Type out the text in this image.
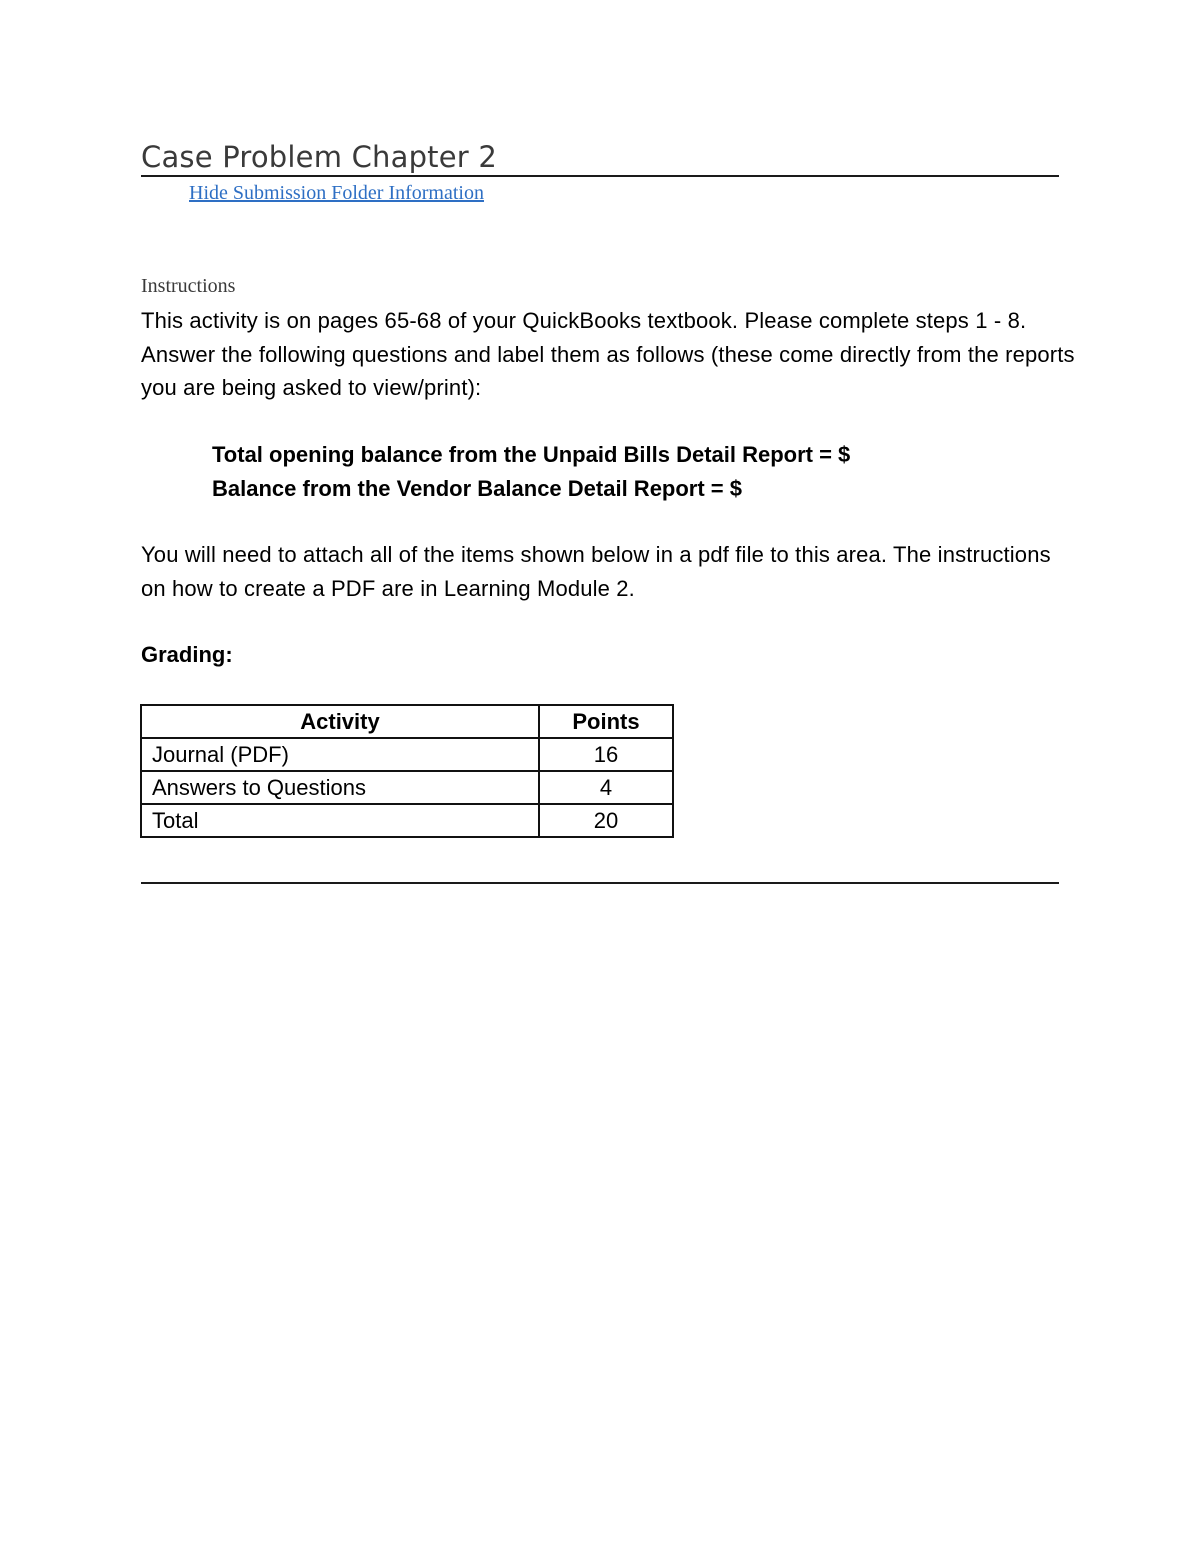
Case Problem Chapter 2
Hide Submission Folder Information
Instructions
This activity is on pages 65-68 of your QuickBooks textbook. Please complete steps 1 - 8.
Answer the following questions and label them as follows (these come directly from the reports
you are being asked to view/print):
Total opening balance from the Unpaid Bills Detail Report = $
Balance from the Vendor Balance Detail Report = $
You will need to attach all of the items shown below in a pdf file to this area. The instructions
on how to create a PDF are in Learning Module 2.
Grading:
Activity	Points
Journal (PDF)	16
Answers to Questions	4
Total	20
